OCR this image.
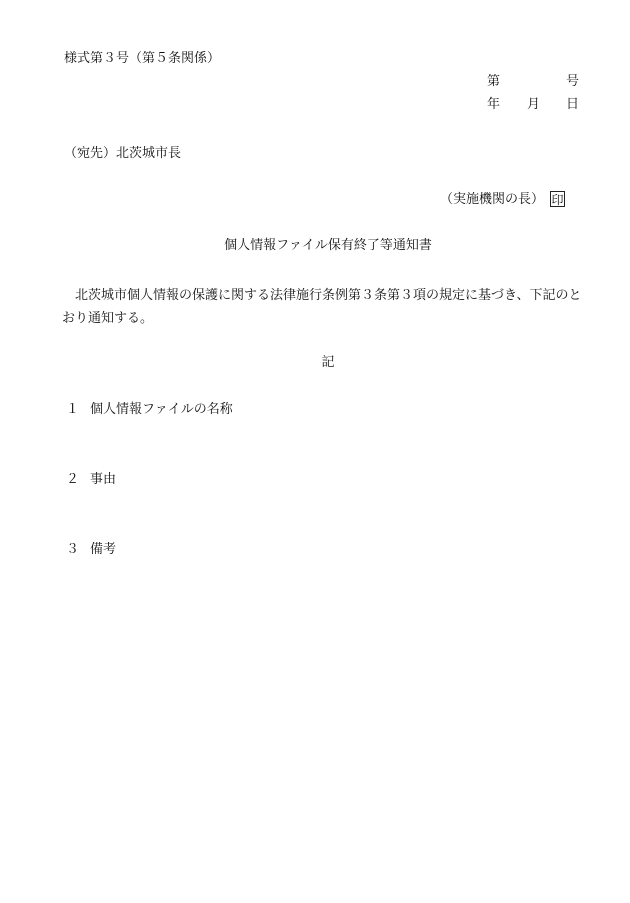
様式第３号（第５条関係）
第	号
年 月 日
（宛先）北茨城市長
（実施機関の長） 印
個人情報ファイル保有終了等通知書
北茨城市個人情報の保護に関する法律施行条例第３条第３項の規定に基づき、下記のと
おり通知する。
記
１ 個人情報ファイルの名称
２ 事由
３ 備考
